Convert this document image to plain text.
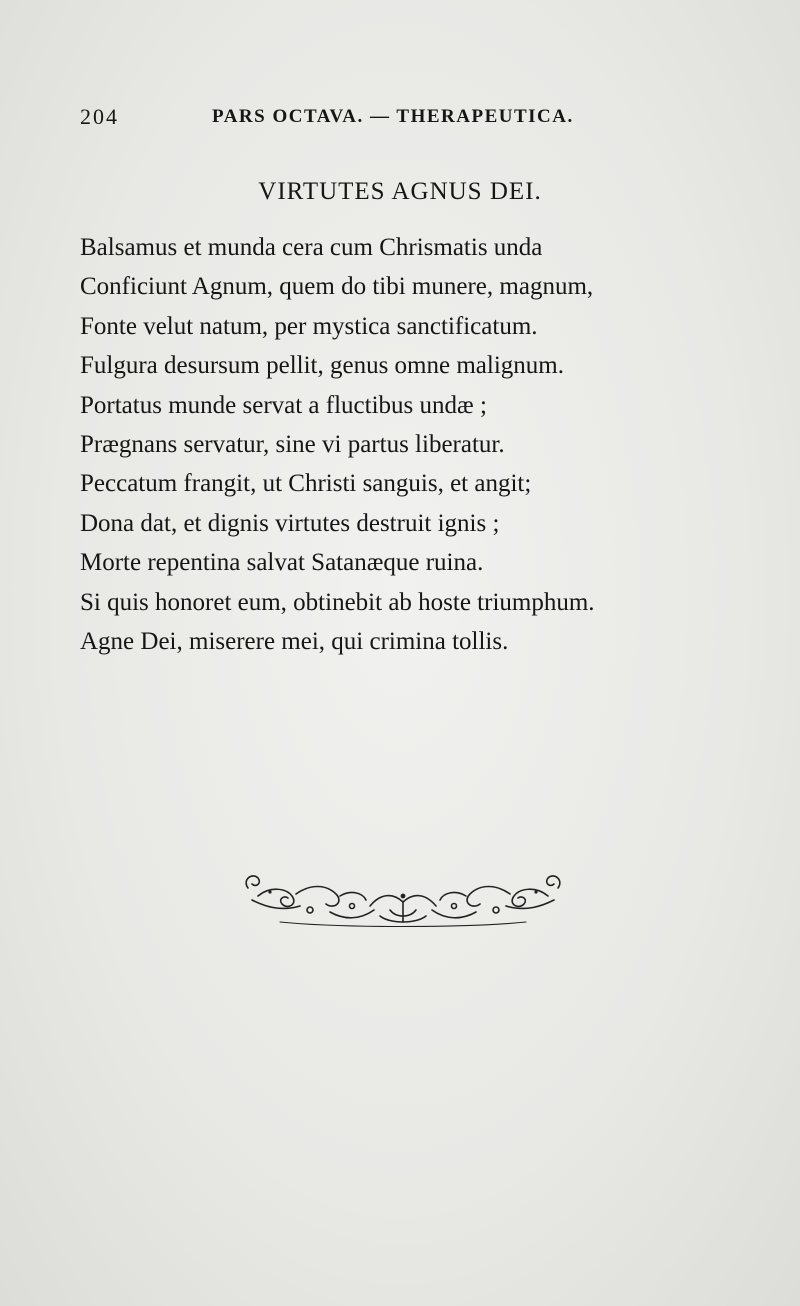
204	PARS OCTAVA. — THERAPEUTICA.
VIRTUTES AGNUS DEI.
Balsamus et munda cera cum Chrismatis unda
Conficiunt Agnum, quem do tibi munere, magnum,
Fonte velut natum, per mystica sanctificatum.
Fulgura desursum pellit, genus omne malignum.
Portatus munde servat a fluctibus undæ ;
Prægnans servatur, sine vi partus liberatur.
Peccatum frangit, ut Christi sanguis, et angit;
Dona dat, et dignis virtutes destruit ignis ;
Morte repentina salvat Satanæque ruina.
Si quis honoret eum, obtinebit ab hoste triumphum.
Agne Dei, miserere mei, qui crimina tollis.
